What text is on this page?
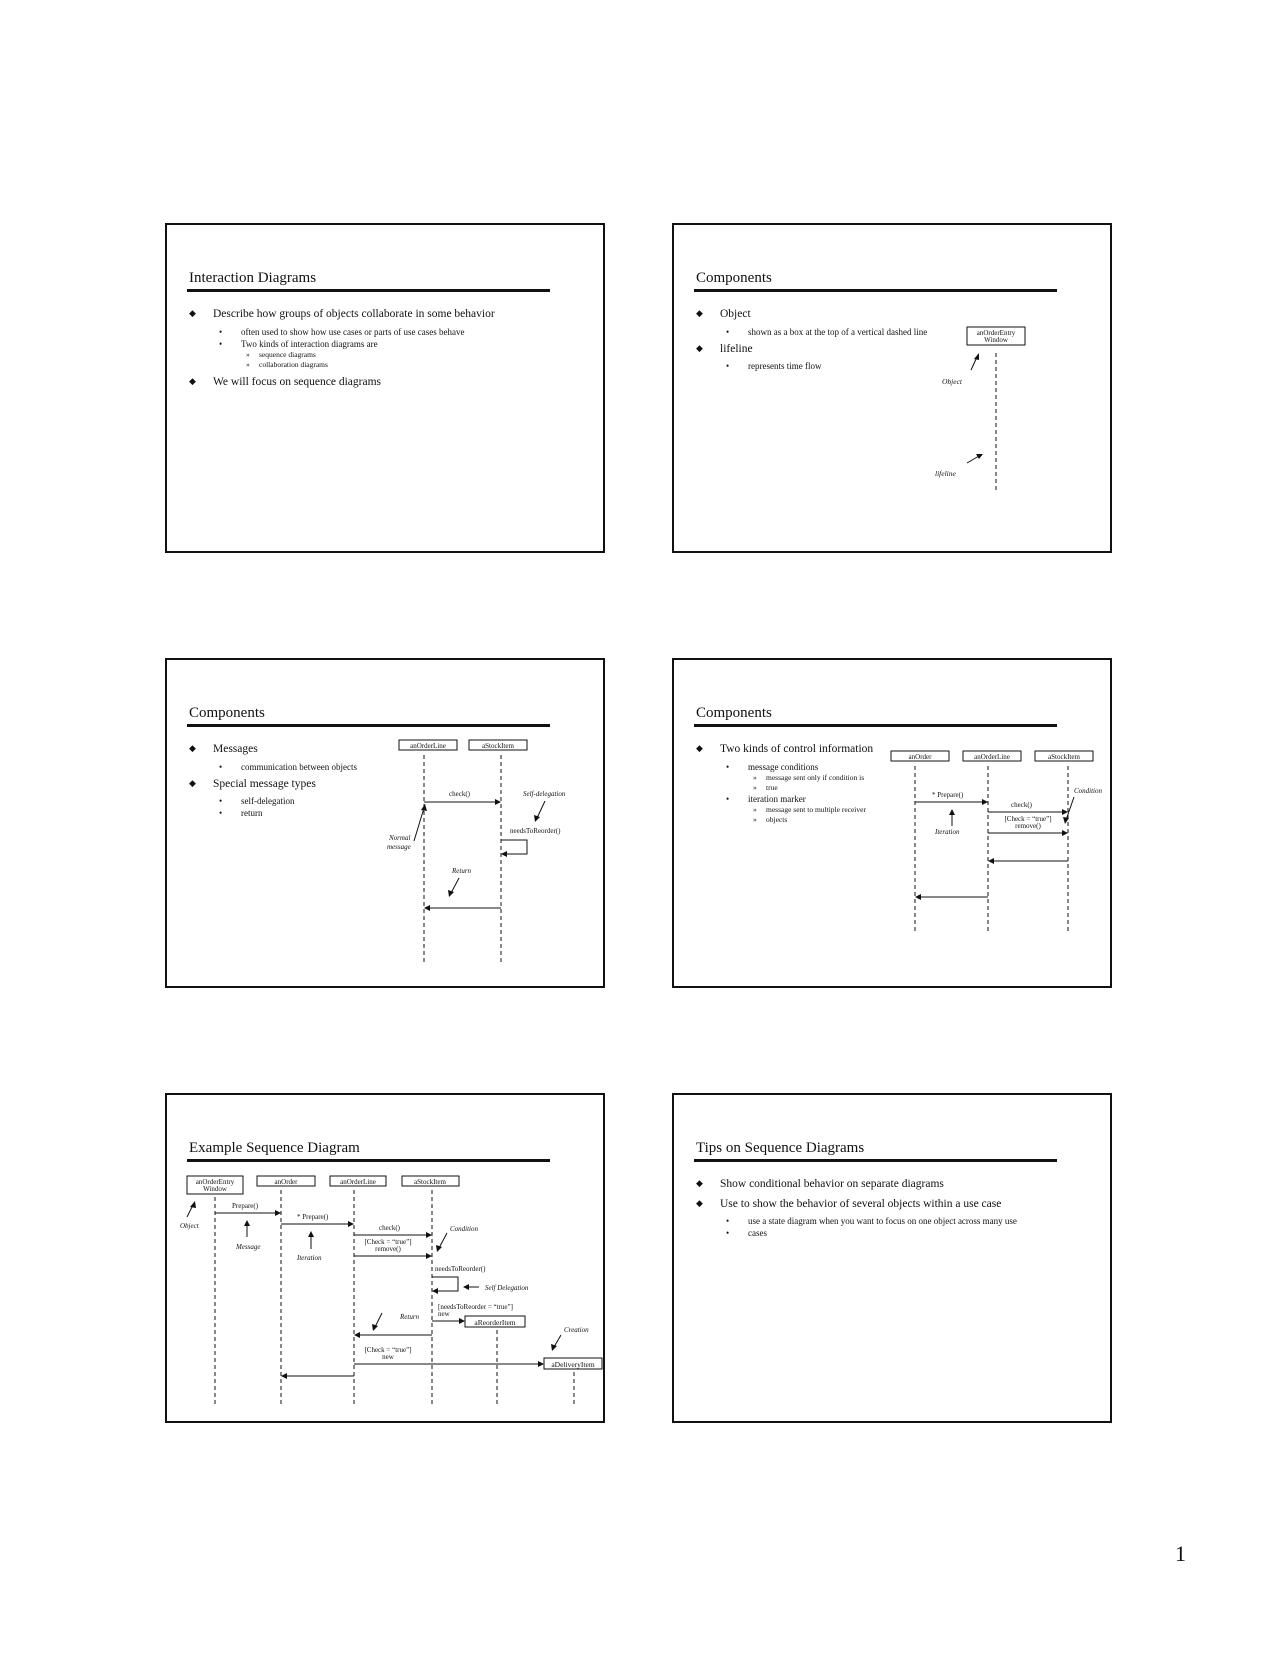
Interaction Diagrams
◆ Describe how groups of objects collaborate in some behavior
• often used to show how use cases or parts of use cases behave
• Two kinds of interaction diagrams are
» sequence diagrams
» collaboration diagrams
◆ We will focus on sequence diagrams
Components
◆ Object
• shown as a box at the top of a vertical dashed line
◆ lifeline
• represents time flow
anOrderEntry
Window
Object
lifeline
Components
◆ Messages
• communication between objects
◆ Special message types
• self-delegation
• return
anOrderLine	aStockItem
check()	Self-delegation
needsToReorder()
Normal
message
Return
Components
◆ Two kinds of control information
• message conditions
» message sent only if condition is
» true

• iteration marker
» message sent to multiple receiver
» objects

anOrder	anOrderLine	aStockItem
* Prepare()	Condition
check()
Iteration
[Check = “true”]
remove()
Example Sequence Diagram
anOrderEntry
Window
anOrder	anOrderLine	aStockItem
Prepare()
Object
* Prepare()
Message
Iteration
check()	Condition
[Check = “true”]
remove()
needsToReorder()
Self Delegation
[needsToReorder = “true”]
new
aReorderItem
Return
Creation
[Check = “true”]
new
aDeliveryItem
Tips on Sequence Diagrams
◆ Show conditional behavior on separate diagrams
◆ Use to show the behavior of several objects within a use case
• use a state diagram when you want to focus on one object across many use
• cases

1
